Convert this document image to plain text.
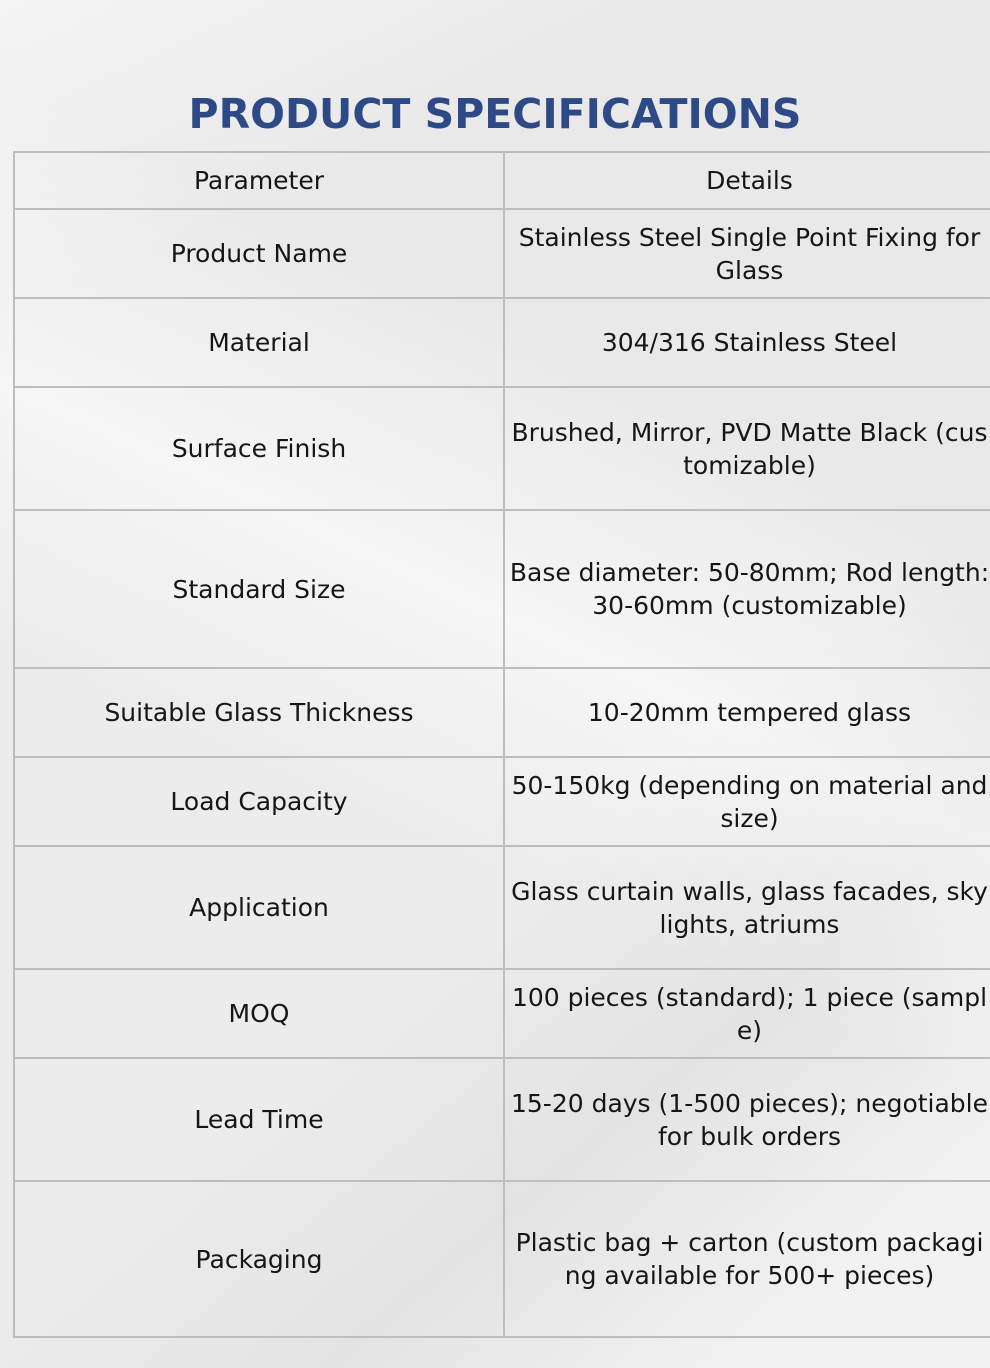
PRODUCT SPECIFICATIONS
Parameter	Details
Product Name	Stainless Steel Single Point Fixing for Glass
Material	304/316 Stainless Steel
Surface Finish	Brushed, Mirror, PVD Matte Black (customizable)
Standard Size	Base diameter: 50-80mm; Rod length: 30-60mm (customizable)
Suitable Glass Thickness	10-20mm tempered glass
Load Capacity	50-150kg (depending on material and size)
Application	Glass curtain walls, glass facades, skylights, atriums
MOQ	100 pieces (standard); 1 piece (sample)
Lead Time	15-20 days (1-500 pieces); negotiable for bulk orders
Packaging	Plastic bag + carton (custom packaging available for 500+ pieces)
